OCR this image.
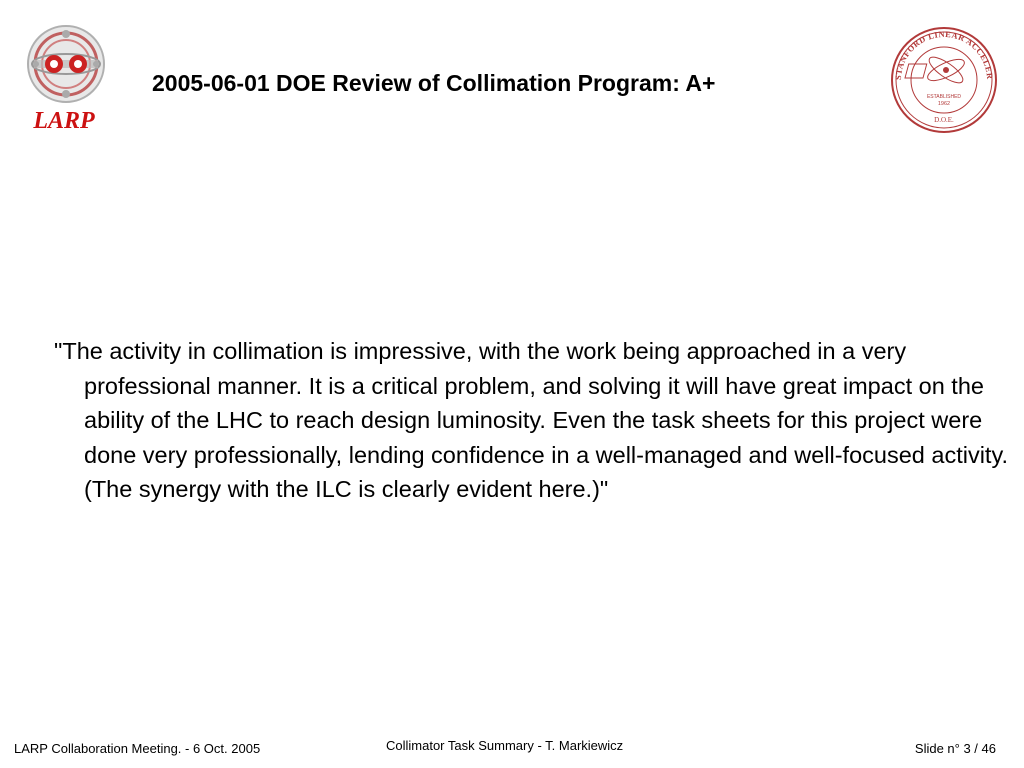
LARP
2005-06-01 DOE Review of Collimation Program: A+	STANFORD LINEAR ACCELER
ESTABLISHED
1962
D.O.E.
"The activity in collimation is impressive, with the work being approached in a very professional manner. It is a critical problem, and solving it will have great impact on the ability of the LHC to reach design luminosity. Even the task sheets for this project were done very professionally, lending confidence in a well-managed and well-focused activity. (The synergy with the ILC is clearly evident here.)"
LARP Collaboration Meeting. - 6 Oct. 2005	Collimator Task Summary - T. Markiewicz	Slide n° 3 / 46
